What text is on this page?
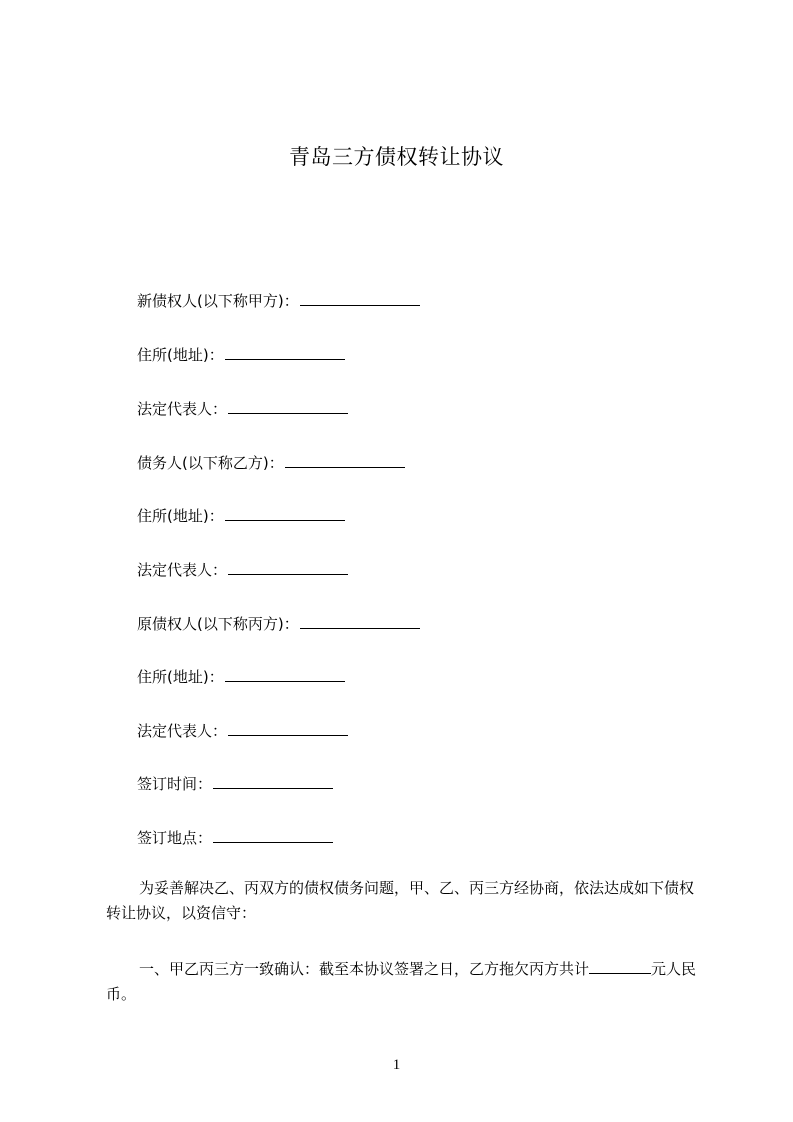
青岛三方债权转让协议
新债权人(以下称甲方)：
住所(地址)：
法定代表人：
债务人(以下称乙方)：
住所(地址)：
法定代表人：
原债权人(以下称丙方)：
住所(地址)：
法定代表人：
签订时间：
签订地点：
为妥善解决乙、丙双方的债权债务问题，甲、乙、丙三方经协商，依法达成如下债权转让协议，以资信守：
一、甲乙丙三方一致确认：截至本协议签署之日，乙方拖欠丙方共计	元人民币。
1
